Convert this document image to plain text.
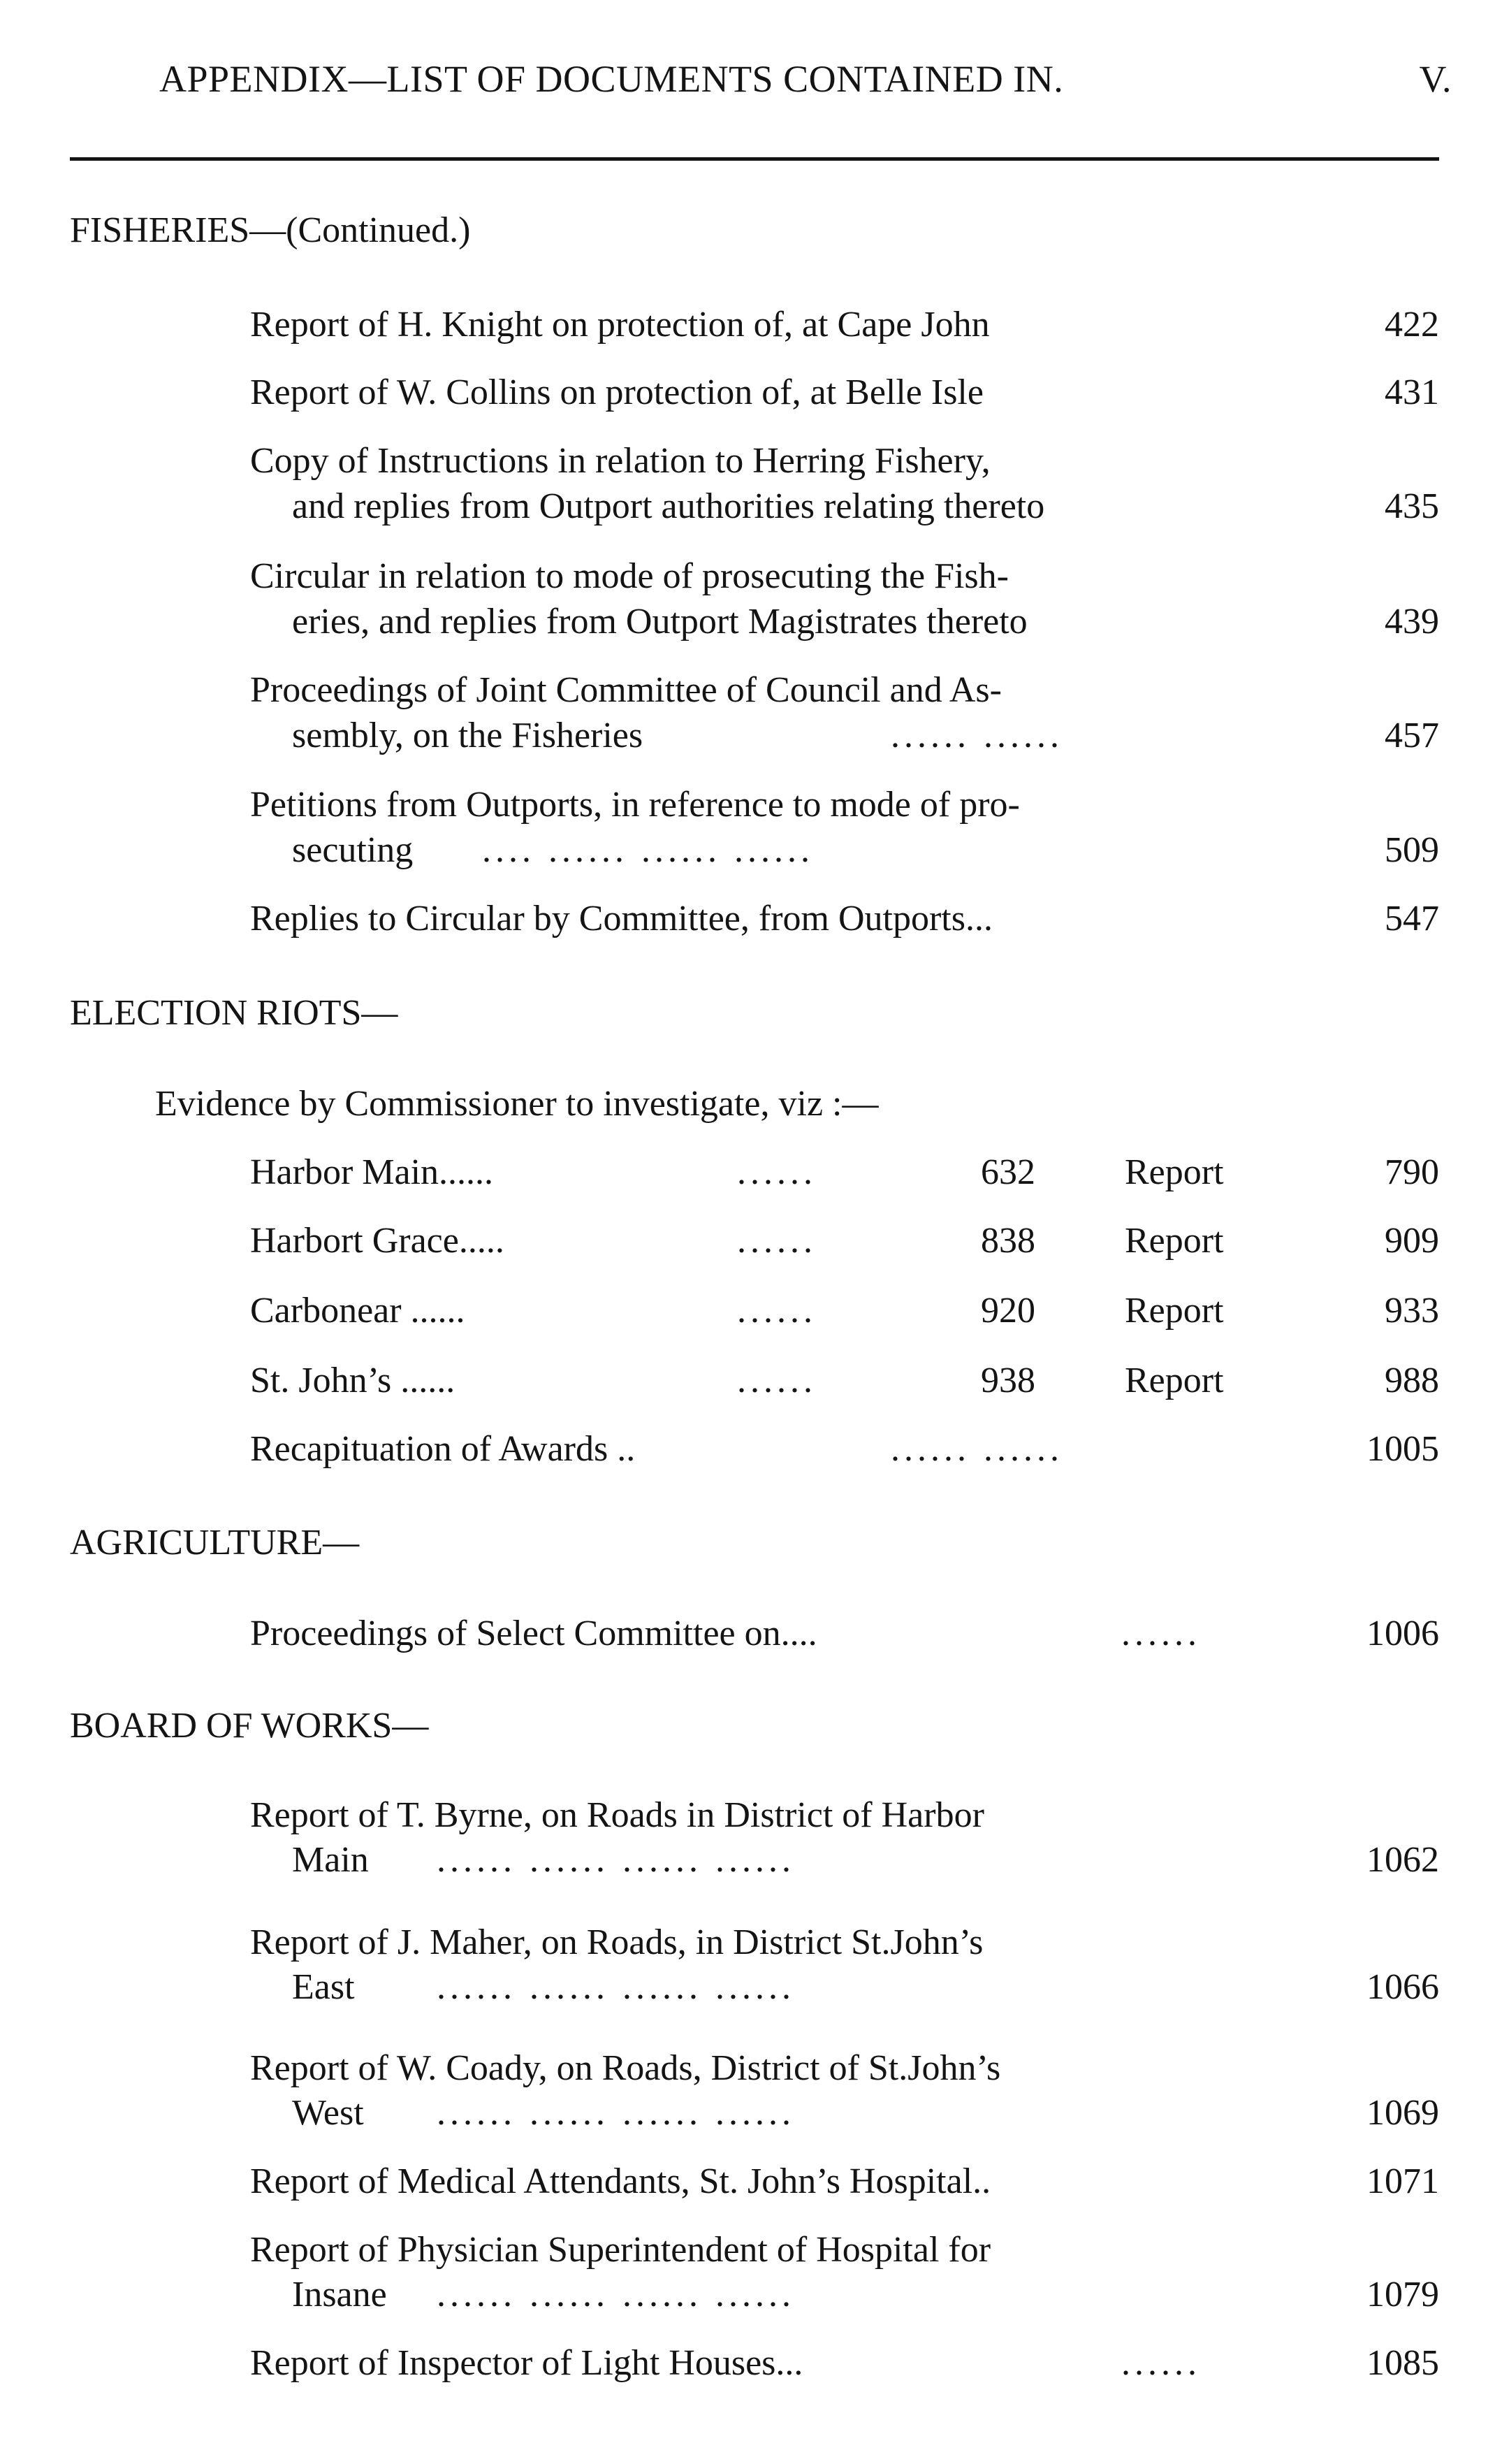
APPENDIX—LIST OF DOCUMENTS CONTAINED IN.	V.
FISHERIES—(Continued.)
Report of H. Knight on protection of, at Cape John	422
Report of W. Collins on protection of, at Belle Isle	431
Copy of Instructions in relation to Herring Fishery,
and replies from Outport authorities relating thereto	435
Circular in relation to mode of prosecuting the Fish-
eries, and replies from Outport Magistrates thereto	439
Proceedings of Joint Committee of Council and As-
sembly, on the Fisheries	...... ......	457
Petitions from Outports, in reference to mode of pro-
secuting .... ...... ...... ......	509
Replies to Circular by Committee, from Outports...	547
ELECTION RIOTS—
Evidence by Commissioner to investigate, viz :—
Harbor Main......	......	632 Report	790
Harbort Grace.....	......	838 Report	909
Carbonear ......	......	920 Report	933
St. John’s ......	......	938 Report	988
Recapituation of Awards ..	...... ......	1005
AGRICULTURE—
Proceedings of Select Committee on....	......	1006
BOARD OF WORKS—
Report of T. Byrne, on Roads in District of Harbor
Main ...... ...... ...... ......	1062
Report of J. Maher, on Roads, in District St.John’s
East ...... ...... ...... ......	1066
Report of W. Coady, on Roads, District of St.John’s
West ...... ...... ...... ......	1069
Report of Medical Attendants, St. John’s Hospital..	1071
Report of Physician Superintendent of Hospital for
Insane ...... ...... ...... ......	1079
Report of Inspector of Light Houses...	......	1085
